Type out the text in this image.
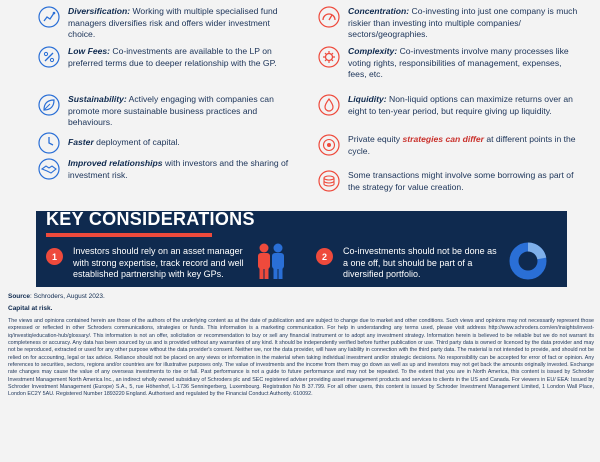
Diversification: Working with multiple specialised fund managers diversifies risk and offers wider investment choice.
Low Fees: Co-investments are available to the LP on preferred terms due to deeper relationship with the GP.
Sustainability: Actively engaging with companies can promote more sustainable business practices and behaviours.
Faster deployment of capital.
Improved relationships with investors and the sharing of investment risk.
Concentration: Co-investing into just one company is much riskier than investing into multiple companies/ sectors/geographies.
Complexity: Co-investments involve many processes like voting rights, responsibilities of management, expenses, fees, etc.
Liquidity: Non-liquid options can maximize returns over an eight to ten-year period, but require giving up liquidity.
Private equity strategies can differ at different points in the cycle.
Some transactions might involve some borrowing as part of the strategy for value creation.
KEY CONSIDERATIONS
1
Investors should rely on an asset manager with strong expertise, track record and well established partnership with key GPs.
2
Co-investments should not be done as a one off, but should be part of a diversified portfolio.
Source: Schroders, August 2023.
Capital at risk.
The views and opinions contained herein are those of the authors of the underlying content as at the date of publication and are subject to change due to market and other conditions. Such views and opinions may not necessarily represent those expressed or reflected in other Schroders communications, strategies or funds. This information is a marketing communication. For help in understanding any terms used, please visit address http://www.schroders.com/en/insights/invest-iq/investiq/education-hub/glossary/. This information is not an offer, solicitation or recommendation to buy or sell any financial instrument or to adopt any investment strategy. Information herein is believed to be reliable but we do not warrant its completeness or accuracy. Any data has been sourced by us and is provided without any warranties of any kind. It should be independently verified before further publication or use. Third party data is owned or licenced by the data provider and may not be reproduced, extracted or used for any other purpose without the data provider's consent. Neither we, nor the data provider, will have any liability in connection with the third party data. The material is not intended to provide, and should not be relied on for accounting, legal or tax advice. Reliance should not be placed on any views or information in the material when taking individual investment and/or strategic decisions. No responsibility can be accepted for error of fact or opinion. Any references to securities, sectors, regions and/or countries are for illustrative purposes only. The value of investments and the income from them may go down as well as up and investors may not get back the amounts originally invested. Exchange rate changes may cause the value of any overseas investments to rise or fall. Past performance is not a guide to future performance and may not be repeated. To the extent that you are in North America, this content is issued by Schroder Investment Management North America Inc., an indirect wholly owned subsidiary of Schroders plc and SEC registered adviser providing asset management products and services to clients in the US and Canada. For viewers in EU/ EEA: Issued by Schroder Investment Management (Europe) S.A., 5, rue Höhenhof, L-1736 Senningerberg, Luxembourg. Registration No B 37.799. For all other users, this content is issued by Schroder Investment Management Limited, 1 London Wall Place, London EC2Y 5AU. Registered Number 1893220 England. Authorised and regulated by the Financial Conduct Authority. 610092.
